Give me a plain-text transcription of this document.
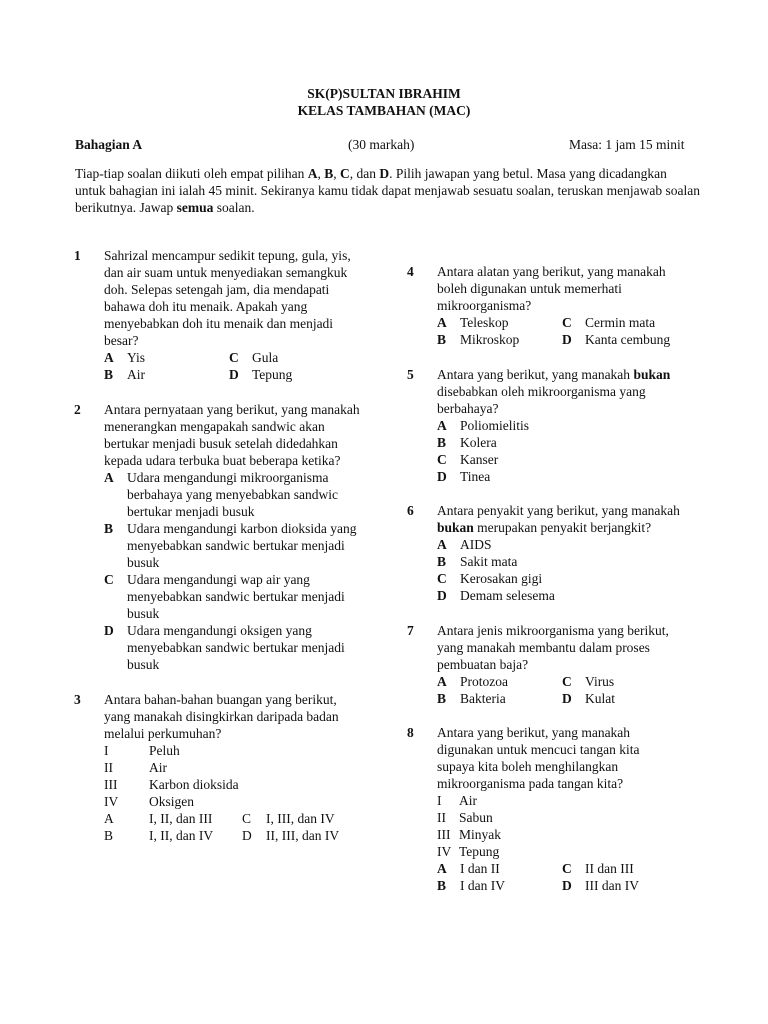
SK(P)SULTAN IBRAHIM
KELAS TAMBAHAN (MAC)
Bahagian A	(30 markah)	Masa: 1 jam 15 minit
Tiap-tiap soalan diikuti oleh empat pilihan A, B, C, dan D. Pilih jawapan yang betul. Masa yang dicadangkan untuk bahagian ini ialah 45 minit. Sekiranya kamu tidak dapat menjawab sesuatu soalan, teruskan menjawab soalan berikutnya. Jawap semua soalan.
1 Sahrizal mencampur sedikit tepung, gula, yis, dan air suam untuk menyediakan semangkuk doh. Selepas setengah jam, dia mendapati bahawa doh itu menaik. Apakah yang menyebabkan doh itu menaik dan menjadi besar?
A Yis	C Gula
B	Air	D Tepung
2 Antara pernyataan yang berikut, yang manakah menerangkan mengapakah sandwic akan bertukar menjadi busuk setelah didedahkan kepada udara terbuka buat beberapa ketika?
A Udara mengandungi mikroorganisma berbahaya yang menyebabkan sandwic bertukar menjadi busuk
B	Udara mengandungi karbon dioksida yang menyebabkan sandwic bertukar menjadi busuk
C Udara mengandungi wap air yang menyebabkan sandwic bertukar menjadi busuk
D Udara mengandungi oksigen yang menyebabkan sandwic bertukar menjadi busuk
3 Antara bahan-bahan buangan yang berikut, yang manakah disingkirkan daripada badan melalui perkumuhan?
I	Peluh
II	Air
III	Karbon dioksida
IV	Oksigen
A	I, II, dan III	C	I, III, dan IV
B	I, II, dan IV	D	II, III, dan IV
4 Antara alatan yang berikut, yang manakah boleh digunakan untuk memerhati mikroorganisma?
A Teleskop	C Cermin mata
B	Mikroskop	D Kanta cembung
5 Antara yang berikut, yang manakah bukan disebabkan oleh mikroorganisma yang berbahaya?
A Poliomielitis
B	Kolera
C Kanser
D Tinea
6 Antara penyakit yang berikut, yang manakah bukan merupakan penyakit berjangkit?
A AIDS
B	Sakit mata
C Kerosakan gigi
D Demam selesema
7 Antara jenis mikroorganisma yang berikut, yang manakah membantu dalam proses pembuatan baja?
A Protozoa	C Virus
B	Bakteria	D Kulat
8 Antara yang berikut, yang manakah digunakan untuk mencuci tangan kita supaya kita boleh menghilangkan mikroorganisma pada tangan kita?
I	Air
II Sabun
III Minyak
IV Tepung
A I dan II	C II dan III
B	I dan IV	D III dan IV
